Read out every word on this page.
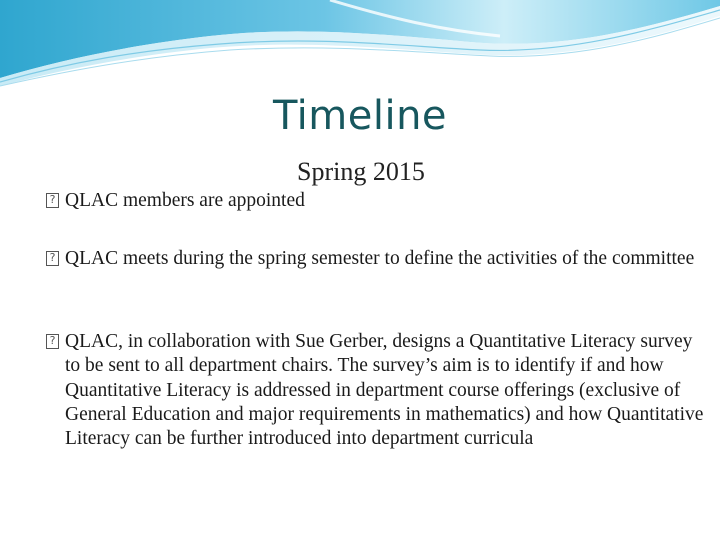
Timeline
Spring 2015
? QLAC members are appointed
? QLAC meets during the spring semester to define the activities of the committee
? QLAC, in collaboration with Sue Gerber, designs a Quantitative Literacy survey to be sent to all department chairs. The survey’s aim is to identify if and how Quantitative Literacy is addressed in department course offerings (exclusive of General Education and major requirements in mathematics) and how Quantitative Literacy can be further introduced into department curricula
